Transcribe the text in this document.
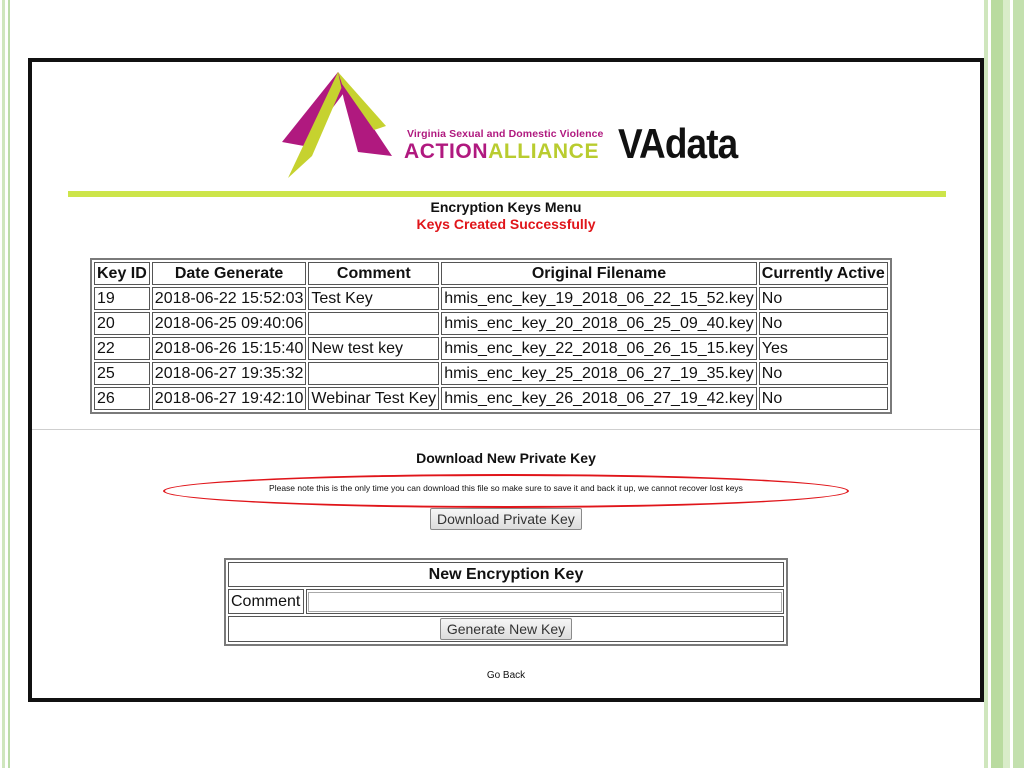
Virginia Sexual and Domestic Violence
ACTIONALLIANCE VAdata
Encryption Keys Menu
Keys Created Successfully
Key ID	Date Generate	Comment	Original Filename	Currently Active
19	2018-06-22 15:52:03	Test Key	hmis_enc_key_19_2018_06_22_15_52.key	No
20	2018-06-25 09:40:06		hmis_enc_key_20_2018_06_25_09_40.key	No
22	2018-06-26 15:15:40	New test key	hmis_enc_key_22_2018_06_26_15_15.key	Yes
25	2018-06-27 19:35:32		hmis_enc_key_25_2018_06_27_19_35.key	No
26	2018-06-27 19:42:10	Webinar Test Key	hmis_enc_key_26_2018_06_27_19_42.key	No
Download New Private Key
Please note this is the only time you can download this file so make sure to save it and back it up, we cannot recover lost keys
Download Private Key
New Encryption Key
Comment	
Generate New Key
Go Back
